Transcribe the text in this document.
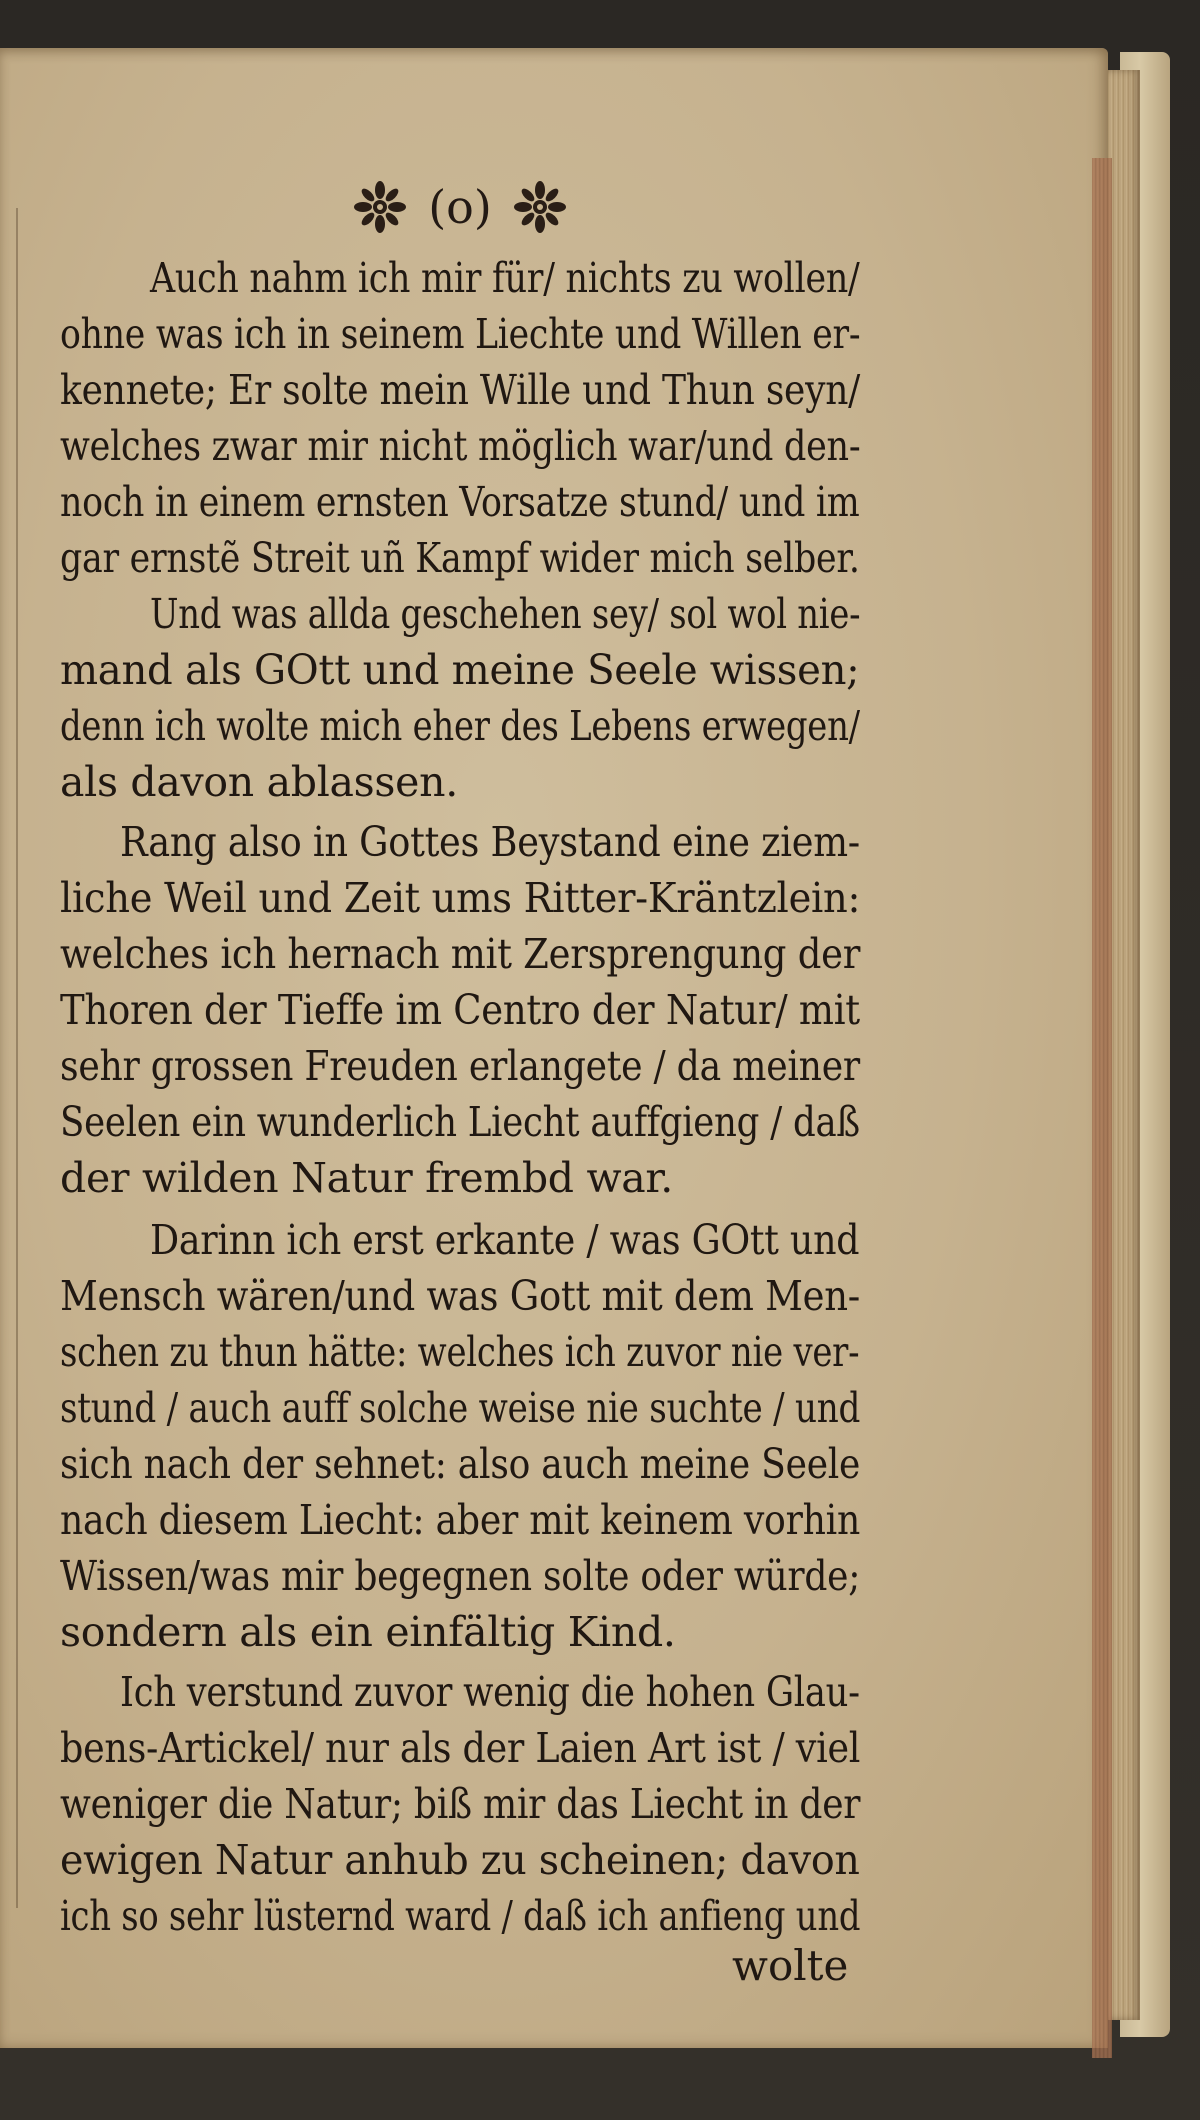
(o)
Auch nahm ich mir für/ nichts zu wollen/
ohne was ich in seinem Liechte und Willen er-
kennete; Er solte mein Wille und Thun seyn/
welches zwar mir nicht möglich war/und den-
noch in einem ernsten Vorsatze stund/ und im
gar ernstẽ Streit uñ Kampf wider mich selber.
Und was allda geschehen sey/ sol wol nie-
mand als GOtt und meine Seele wissen;
denn ich wolte mich eher des Lebens erwegen/
als davon ablassen.
Rang also in Gottes Beystand eine ziem-
liche Weil und Zeit ums Ritter-Kräntzlein:
welches ich hernach mit Zersprengung der
Thoren der Tieffe im Centro der Natur/ mit
sehr grossen Freuden erlangete / da meiner
Seelen ein wunderlich Liecht auffgieng / daß
der wilden Natur frembd war.
Darinn ich erst erkante / was GOtt und
Mensch wären/und was Gott mit dem Men-
schen zu thun hätte: welches ich zuvor nie ver-
stund / auch auff solche weise nie suchte / und
sich nach der sehnet: also auch meine Seele
nach diesem Liecht: aber mit keinem vorhin
Wissen/was mir begegnen solte oder würde;
sondern als ein einfältig Kind.
Ich verstund zuvor wenig die hohen Glau-
bens-Artickel/ nur als der Laien Art ist / viel
weniger die Natur; biß mir das Liecht in der
ewigen Natur anhub zu scheinen; davon
ich so sehr lüsternd ward / daß ich anfieng und
wolte
